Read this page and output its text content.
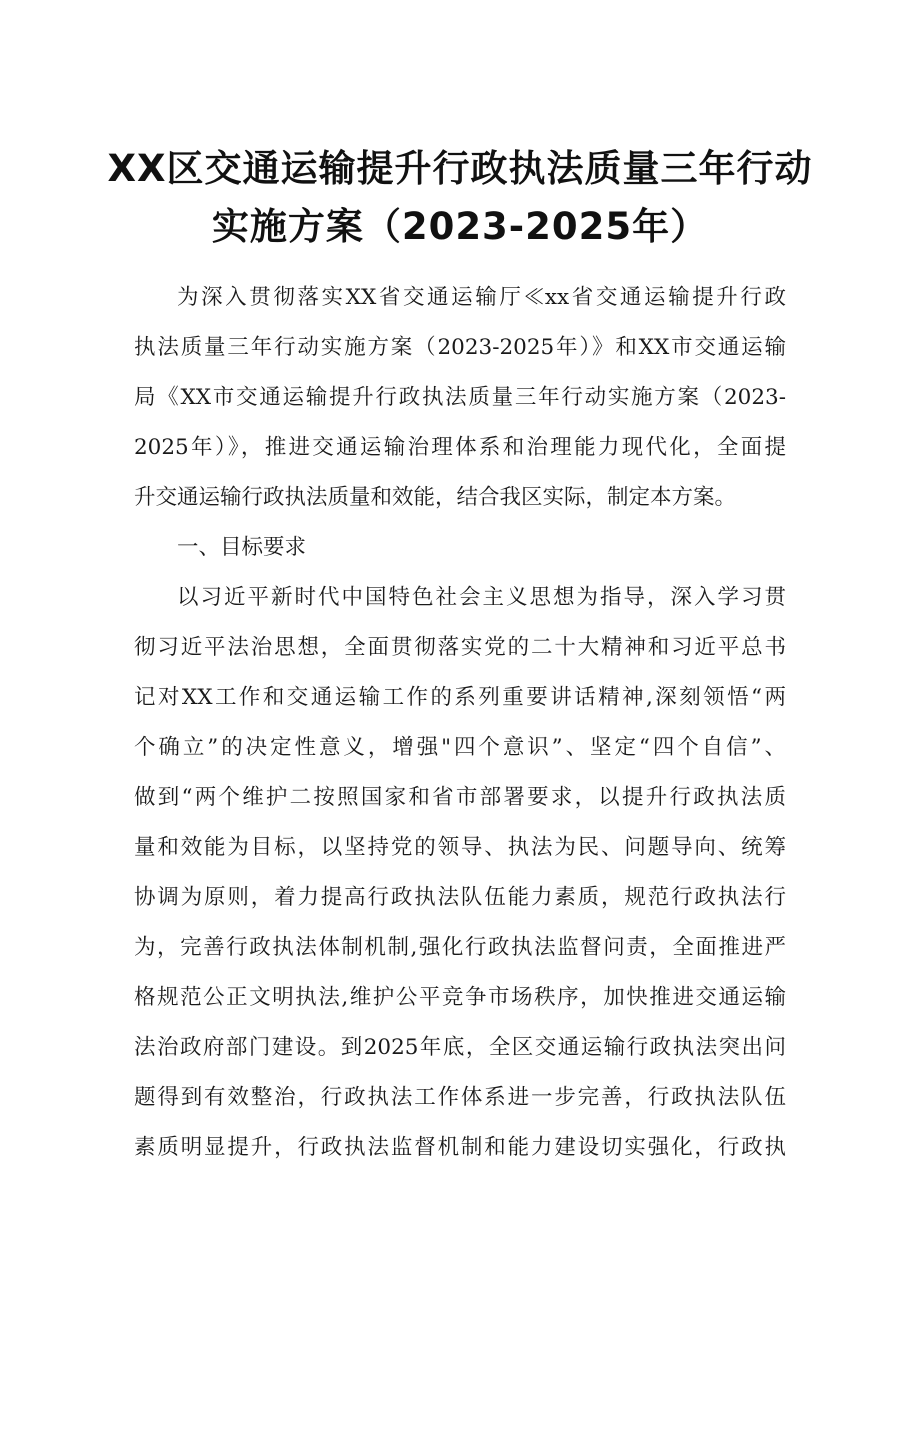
XX区交通运输提升行政执法质量三年行动
实施方案（2023-2025年）
为深入贯彻落实XX省交通运输厅≪xx省交通运输提升行政
执法质量三年行动实施方案（2023-2025年）》和XX市交通运输
局《XX市交通运输提升行政执法质量三年行动实施方案（2023-
2025年）》，推进交通运输治理体系和治理能力现代化，全面提
升交通运输行政执法质量和效能，结合我区实际，制定本方案。
一、目标要求
以习近平新时代中国特色社会主义思想为指导，深入学习贯
彻习近平法治思想，全面贯彻落实党的二十大精神和习近平总书
记对XX工作和交通运输工作的系列重要讲话精神,深刻领悟“两
个确立”的决定性意义，增强"四个意识”、坚定“四个自信”、
做到“两个维护二按照国家和省市部署要求，以提升行政执法质
量和效能为目标，以坚持党的领导、执法为民、问题导向、统筹
协调为原则，着力提高行政执法队伍能力素质，规范行政执法行
为，完善行政执法体制机制,强化行政执法监督问责，全面推进严
格规范公正文明执法,维护公平竞争市场秩序，加快推进交通运输
法治政府部门建设。到2025年底，全区交通运输行政执法突出问
题得到有效整治，行政执法工作体系进一步完善，行政执法队伍
素质明显提升，行政执法监督机制和能力建设切实强化，行政执
